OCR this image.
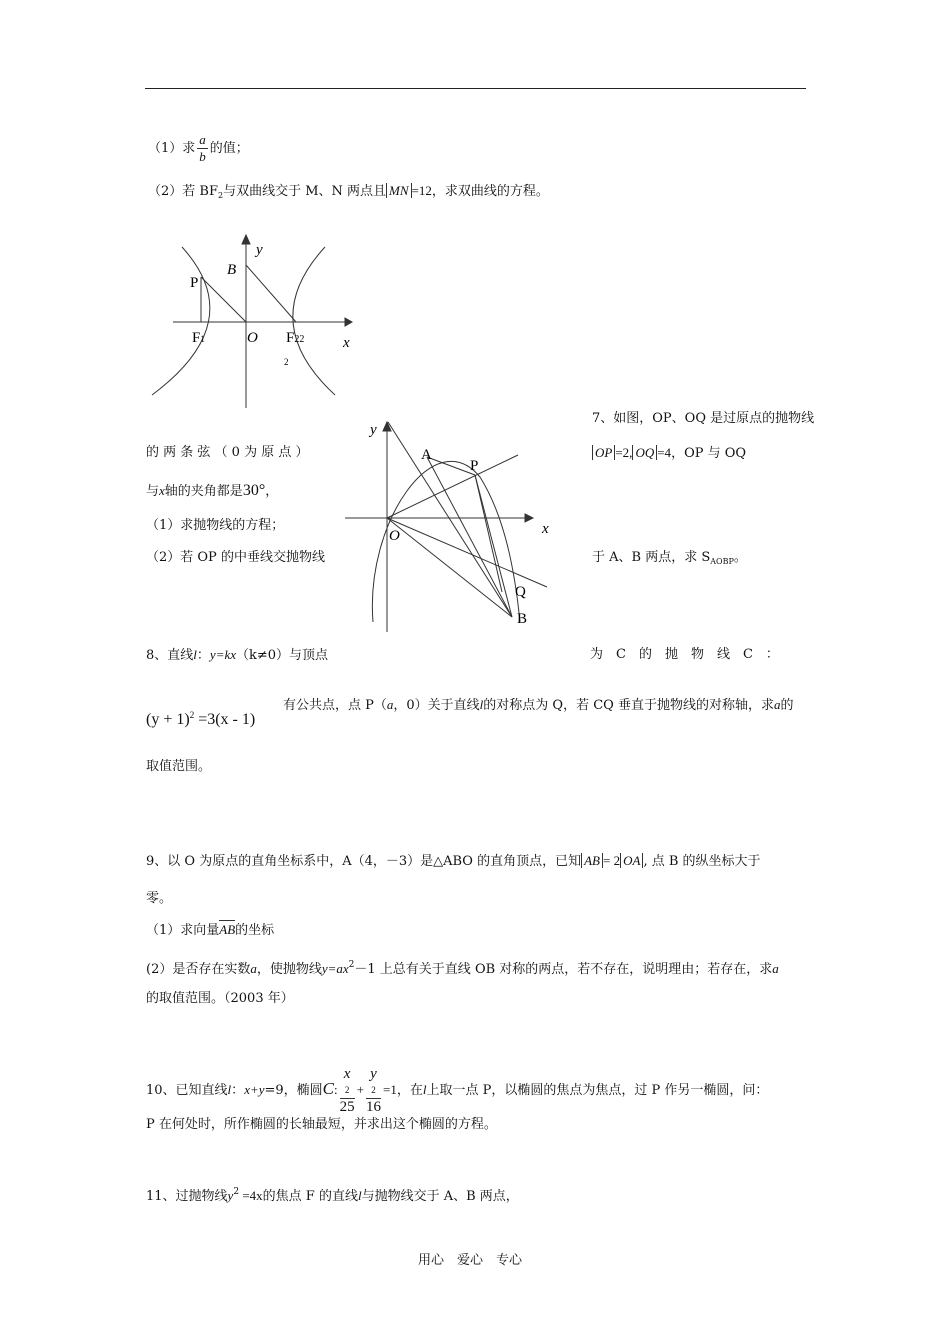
（1）求 $\frac{a}{b}$ 的值；
（2）若 $BF_2$与双曲线交于 M、N 两点且 MN =12，求双曲线的方程。
y
B
P
F1	O F22
2
x
7、如图，OP、OQ 是过原点的抛物线
的 两 条 弦 （ 0 为 原 点 ）	OP =2, OQ =4，OP 与 OQ
与x轴的夹角都是30°，
（1）求抛物线的方程；
（2）若 OP 的中垂线交抛物线	于 A、B 两点，求 $S_{AOBP}$。
y
A
P
O	x
Q
B
8、直线l：y=kx（k≠0）与顶点	为　C　的　抛　物　线　C　：
$(y + 1)^2 =3(x - 1)$
有公共点，点 P（a，0）关于直线l的对称点为 Q，若 CQ 垂直于抛物线的对称轴，求a的
取值范围。
9、以 O 为原点的直角坐标系中，A（4，－3）是△ABO 的直角顶点，已知 AB = 2 OA , 点 B 的纵坐标大于
零。
（1）求向量AB的坐标
(2）是否存在实数a，使抛物线$y=ax^2-1$ 上总有关于直线 OB 对称的两点，若不存在，说明理由；若存在，求a
的取值范围。（2003 年）
10、已知直线l：x+y=9，椭圆C: x
2
25 + y
2
16 =1，在l上取一点 P，以椭圆的焦点为焦点，过 P 作另一椭圆，问：
P 在何处时，所作椭圆的长轴最短，并求出这个椭圆的方程。
11、过抛物线$y^2 =4x$的焦点 F 的直线l与抛物线交于 A、B 两点，
用心　爱心　专心
